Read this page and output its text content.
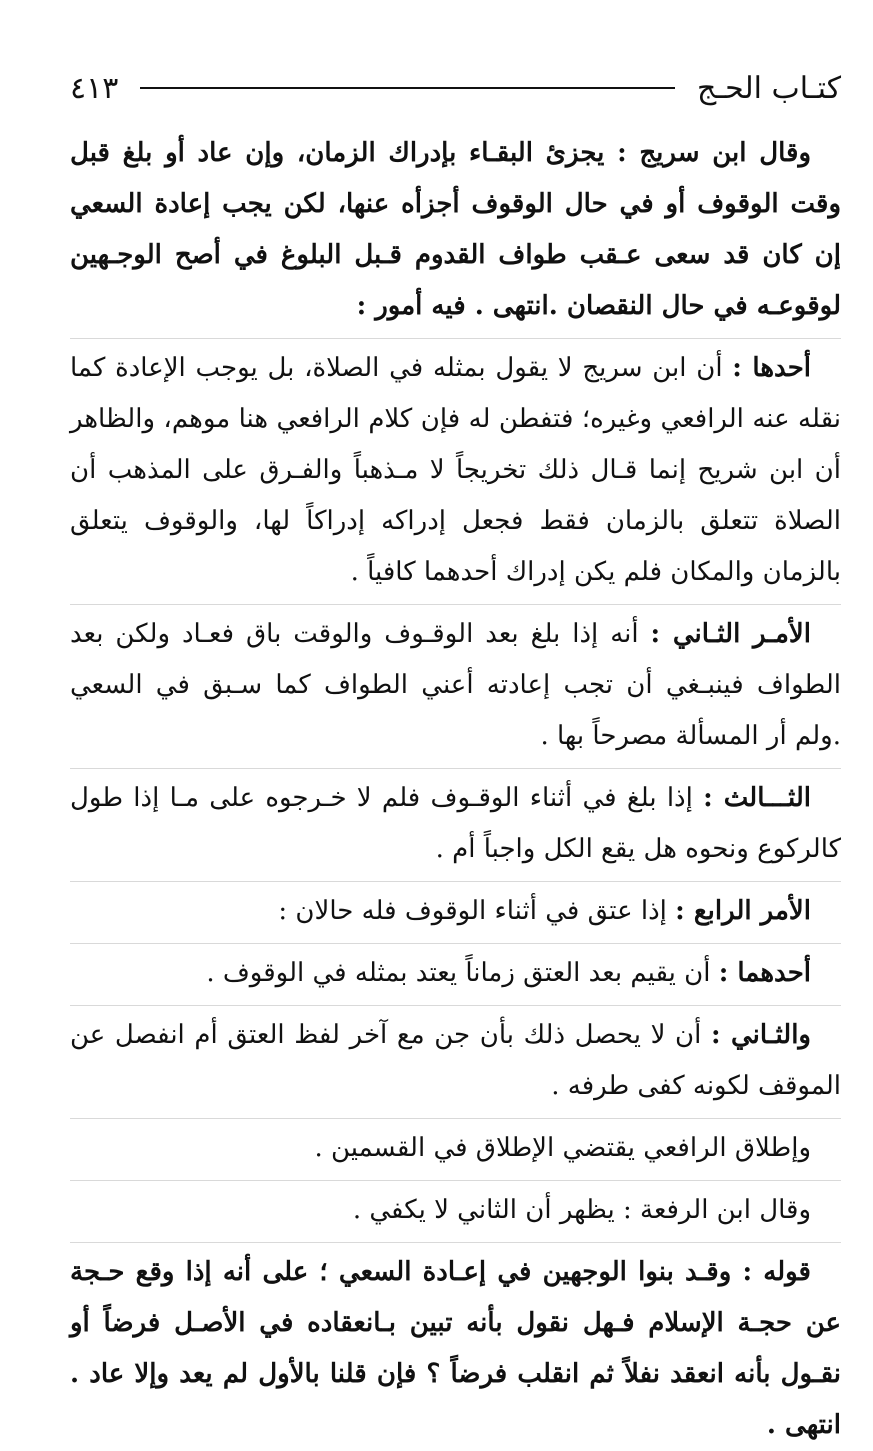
كتـاب الحـج
٤١٣

وقال ابن سريج : يجزئ البقـاء بإدراك الزمان، وإن عاد أو بلغ قبل وقت الوقوف أو في حال الوقوف أجزأه عنها، لكن يجب إعادة السعي إن كان قد سعى عـقب طواف القدوم قـبل البلوغ في أصح الوجـهين لوقوعـه في حال النقصان .انتهى . فيه أمور :

أحدها : أن ابن سريج لا يقول بمثله في الصلاة، بل يوجب الإعادة كما نقله عنه الرافعي وغيره؛ فتفطن له فإن كلام الرافعي هنا موهم، والظاهر أن ابن شريح إنما قـال ذلك تخريجاً لا مـذهباً والفـرق على المذهب أن الصلاة تتعلق بالزمان فقط فجعل إدراكه إدراكاً لها، والوقوف يتعلق بالزمان والمكان فلم يكن إدراك أحدهما كافياً .

الأمـر الثـاني : أنه إذا بلغ بعد الوقـوف والوقت باق فعـاد ولكن بعد الطواف فينبـغي أن تجب إعادته أعني الطواف كما سـبق في السعي .ولم أر المسألة مصرحاً بها .

الثـــالث : إذا بلغ في أثناء الوقـوف فلم لا خـرجوه على مـا إذا طول كالركوع ونحوه هل يقع الكل واجباً أم .

الأمر الرابع : إذا عتق في أثناء الوقوف فله حالان :

أحدهما : أن يقيم بعد العتق زماناً يعتد بمثله في الوقوف .

والثـاني : أن لا يحصل ذلك بأن جن مع آخر لفظ العتق أم انفصل عن الموقف لكونه كفى طرفه .

وإطلاق الرافعي يقتضي الإطلاق في القسمين .

وقال ابن الرفعة : يظهر أن الثاني لا يكفي .

قوله : وقـد بنوا الوجهين في إعـادة السعي ؛ على أنه إذا وقع حـجة عن حجـة الإسلام فـهل نقول بأنه تبين بـانعقاده في الأصـل فرضاً أو نقـول بأنه انعقد نفلاً ثم انقلب فرضاً ؟ فإن قلنا بالأول لم يعد وإلا عاد . انتهى .
